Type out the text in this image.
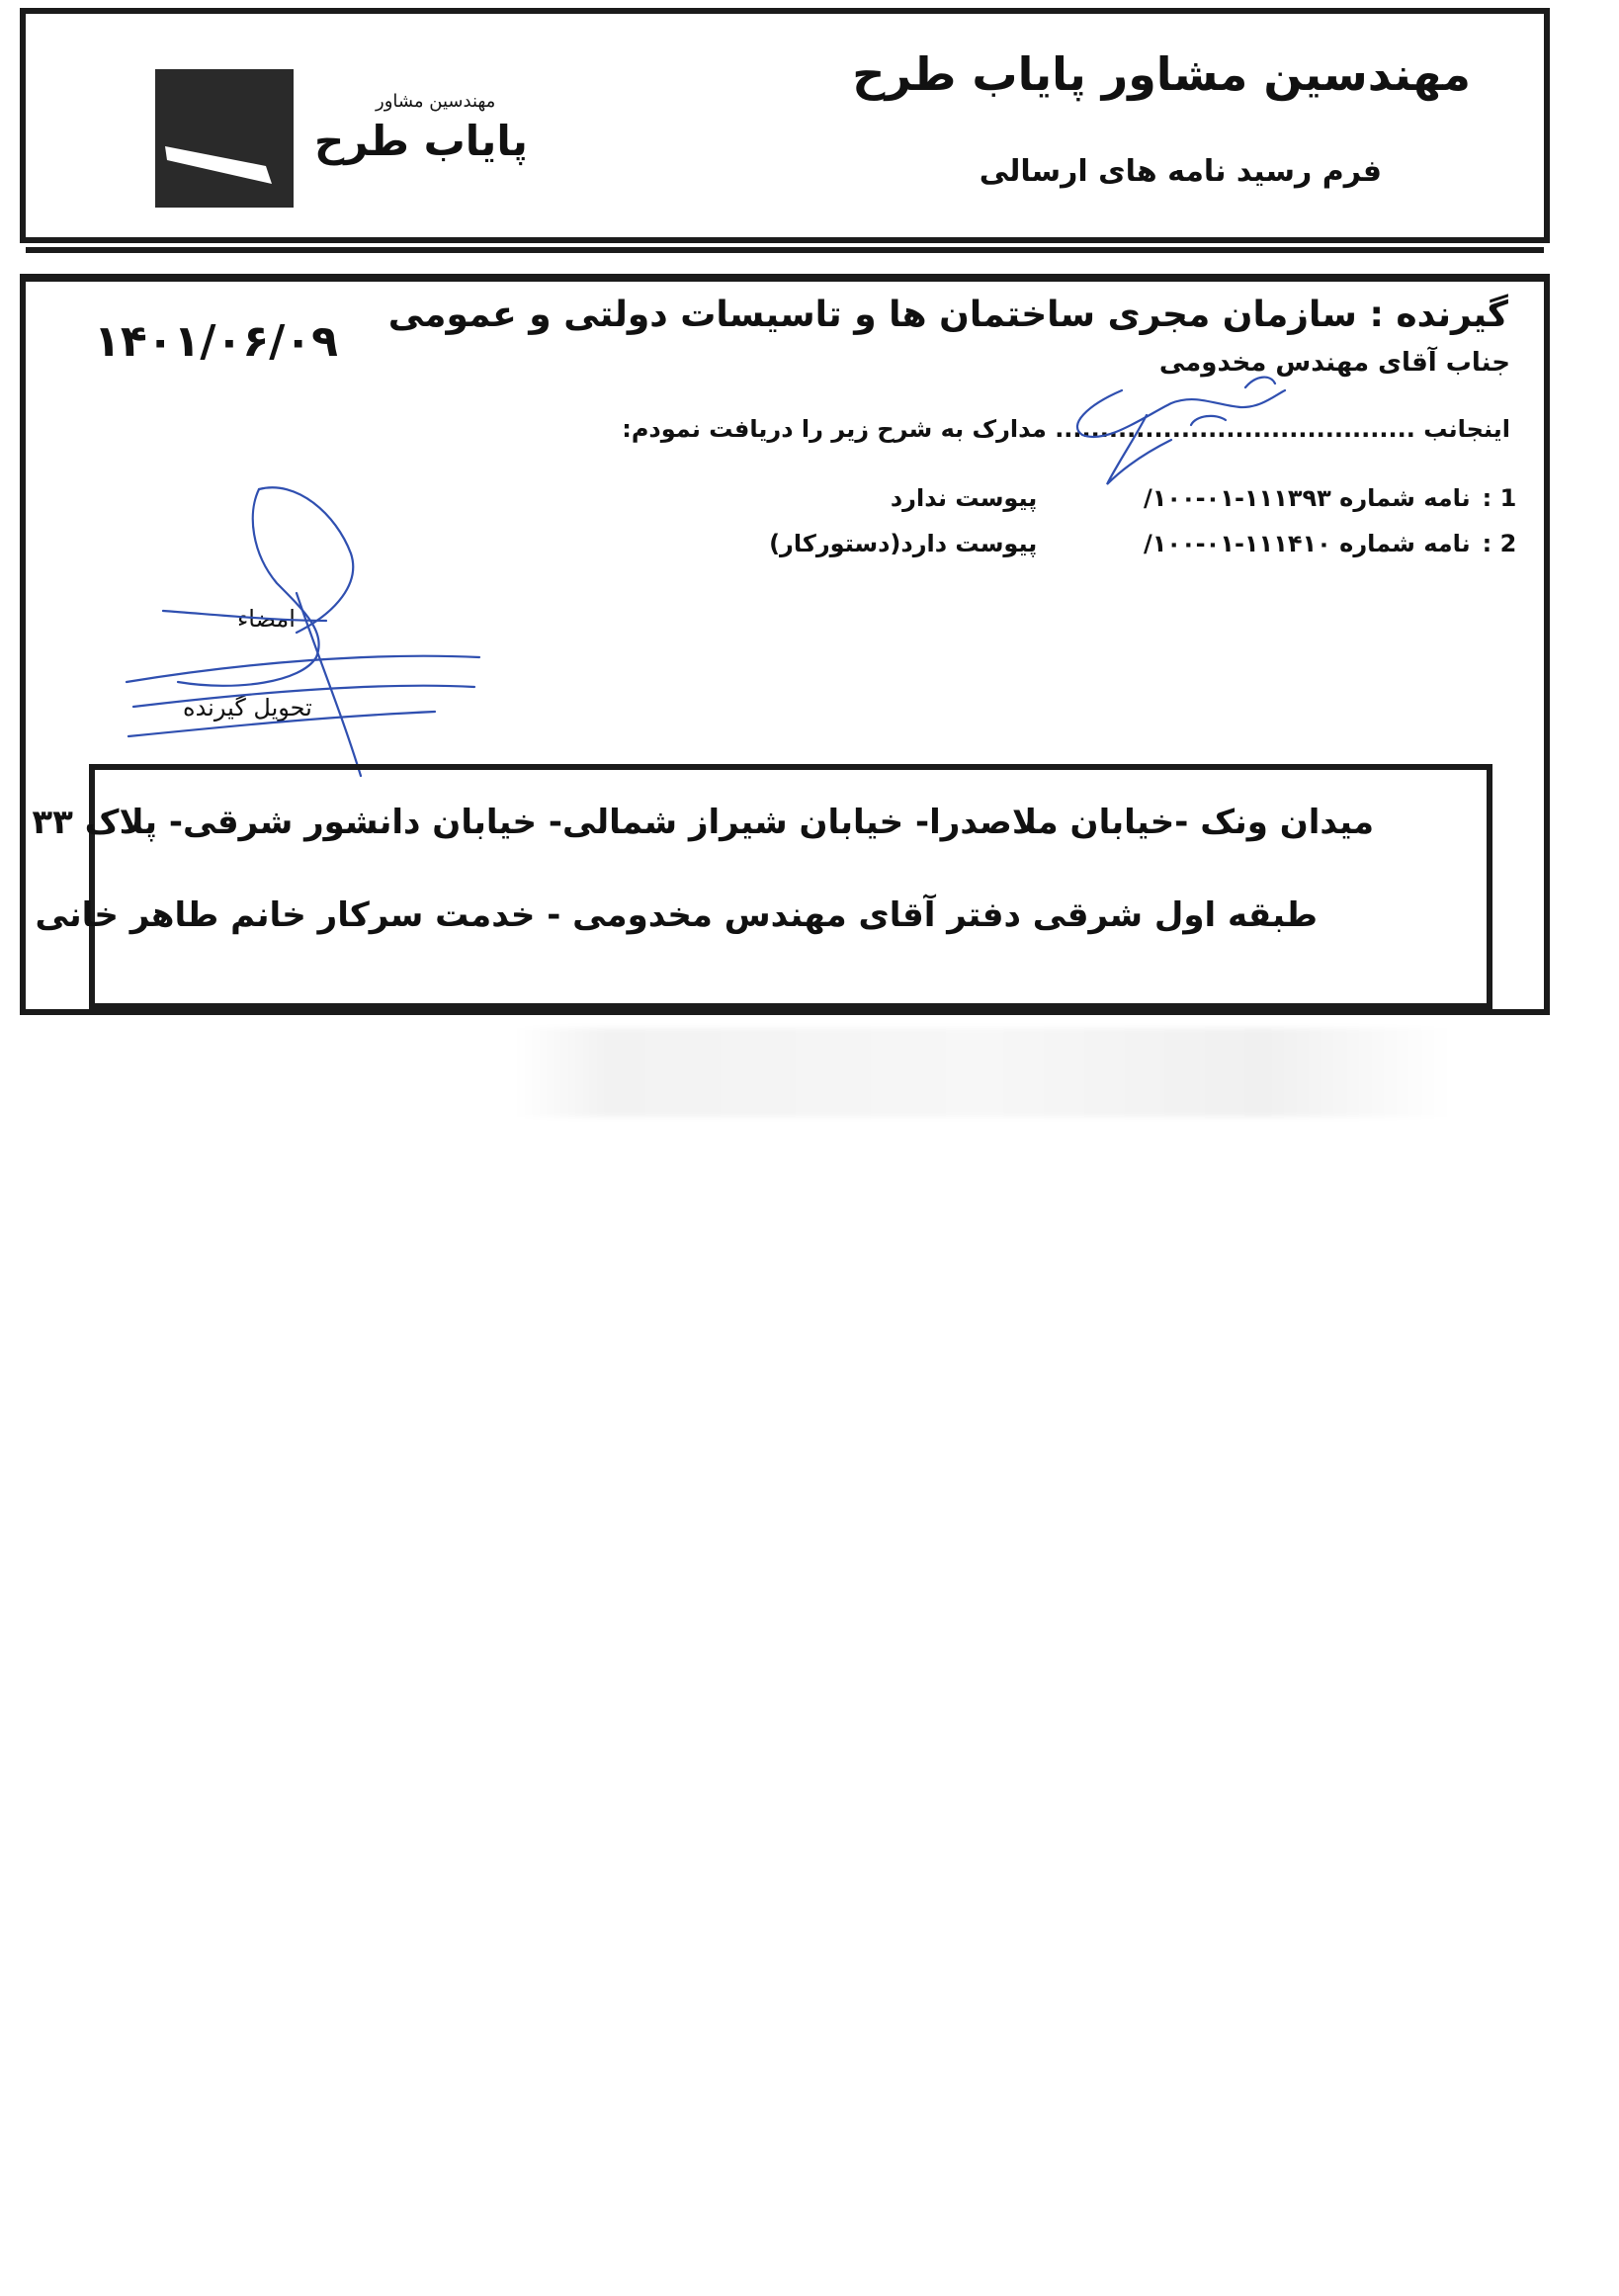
مهندسین مشاور
پایاب طرح
مهندسین مشاور پایاب طرح
فرم رسید نامه های ارسالی
۱۴۰۱/۰۶/۰۹
گیرنده : سازمان مجری ساختمان ها و تاسیسات دولتی و عمومی
جناب آقای مهندس مخدومی
اینجانب ........................................ مدارک به شرح زیر را دریافت نمودم:
1 : نامه شماره ۱۱۱۳۹۳-۰۱-۱۰۰/ پیوست ندارد
2 : نامه شماره ۱۱۱۴۱۰-۰۱-۱۰۰/ پیوست دارد(دستورکار)
امضاء
تحویل گیرنده
میدان ونک -خیابان ملاصدرا- خیابان شیراز شمالی- خیابان دانشور شرقی- پلاک ۳۳
طبقه اول شرقی دفتر آقای مهندس مخدومی - خدمت سرکار خانم طاهر خانی
